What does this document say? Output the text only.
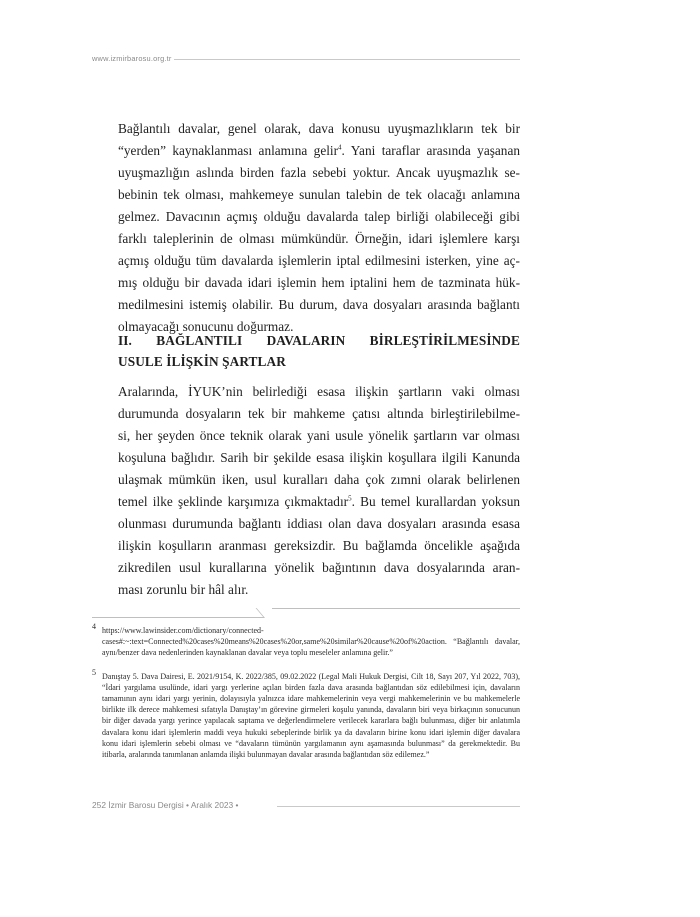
www.izmirbarosu.org.tr
Bağlantılı davalar, genel olarak, dava konusu uyuşmazlıkların tek bir
“yerden” kaynaklanması anlamına gelir$^4$. Yani taraflar arasında yaşanan
uyuşmazlığın aslında birden fazla sebebi yoktur. Ancak uyuşmazlık se-
bebinin tek olması, mahkemeye sunulan talebin de tek olacağı anlamına
gelmez. Davacının açmış olduğu davalarda talep birliği olabileceği gibi
farklı taleplerinin de olması mümkündür. Örneğin, idari işlemlere karşı
açmış olduğu tüm davalarda işlemlerin iptal edilmesini isterken, yine aç-
mış olduğu bir davada idari işlemin hem iptalini hem de tazminata hük-
medilmesini istemiş olabilir. Bu durum, dava dosyaları arasında bağlantı
olmayacağı sonucunu doğurmaz.
II. BAĞLANTILI DAVALARIN BİRLEŞTİRİLMESİNDE
USULE İLİŞKİN ŞARTLAR
Aralarında, İYUK’nin belirlediği esasa ilişkin şartların vaki olması
durumunda dosyaların tek bir mahkeme çatısı altında birleştirilebilme-
si, her şeyden önce teknik olarak yani usule yönelik şartların var olması
koşuluna bağlıdır. Sarih bir şekilde esasa ilişkin koşullara ilgili Kanunda
ulaşmak mümkün iken, usul kuralları daha çok zımni olarak belirlenen
temel ilke şeklinde karşımıza çıkmaktadır$^5$. Bu temel kurallardan yoksun
olunması durumunda bağlantı iddiası olan dava dosyaları arasında esasa
ilişkin koşulların aranması gereksizdir. Bu bağlamda öncelikle aşağıda
zikredilen usul kurallarına yönelik bağıntının dava dosyalarında aran-
ması zorunlu bir hâl alır.
4 https://www.lawinsider.com/dictionary/connected-cases#:~:text=Connected%20cases%20means%20cases%20or,same%20similar%20cause%20of%20action. “Bağlantılı davalar, aynı/benzer dava nedenlerinden kaynaklanan davalar veya toplu meseleler anlamına gelir.”
5 Danıştay 5. Dava Dairesi, E. 2021/9154, K. 2022/385, 09.02.2022 (Legal Mali Hukuk Dergisi, Cilt 18, Sayı 207, Yıl 2022, 703), “İdari yargılama usulünde, idari yargı yerlerine açılan birden fazla dava arasında bağlantıdan söz edilebilmesi için, davaların tamamının aynı idari yargı yerinin, dolayısıyla yalnızca idare mahkemelerinin veya vergi mahkemelerinin ve bu mahkemelerle birlikte ilk derece mahkemesi sıfatıyla Danıştay’ın görevine girmeleri koşulu yanında, davaların biri veya birkaçının sonucunun bir diğer davada yargı yerince yapılacak saptama ve değerlendirmelere verilecek kararlara bağlı bulunması, diğer bir anlatımla davalara konu idari işlemlerin maddi veya hukuki sebeplerinde birlik ya da davaların birine konu idari işlemin diğer davalara konu idari işlemlerin sebebi olması ve “davaların tümünün yargılamanın aynı aşamasında bulunması” da gerekmektedir. Bu itibarla, aralarında tanımlanan anlamda ilişki bulunmayan davalar arasında bağlantıdan söz edilemez.”
252 İzmir Barosu Dergisi • Aralık 2023 •
